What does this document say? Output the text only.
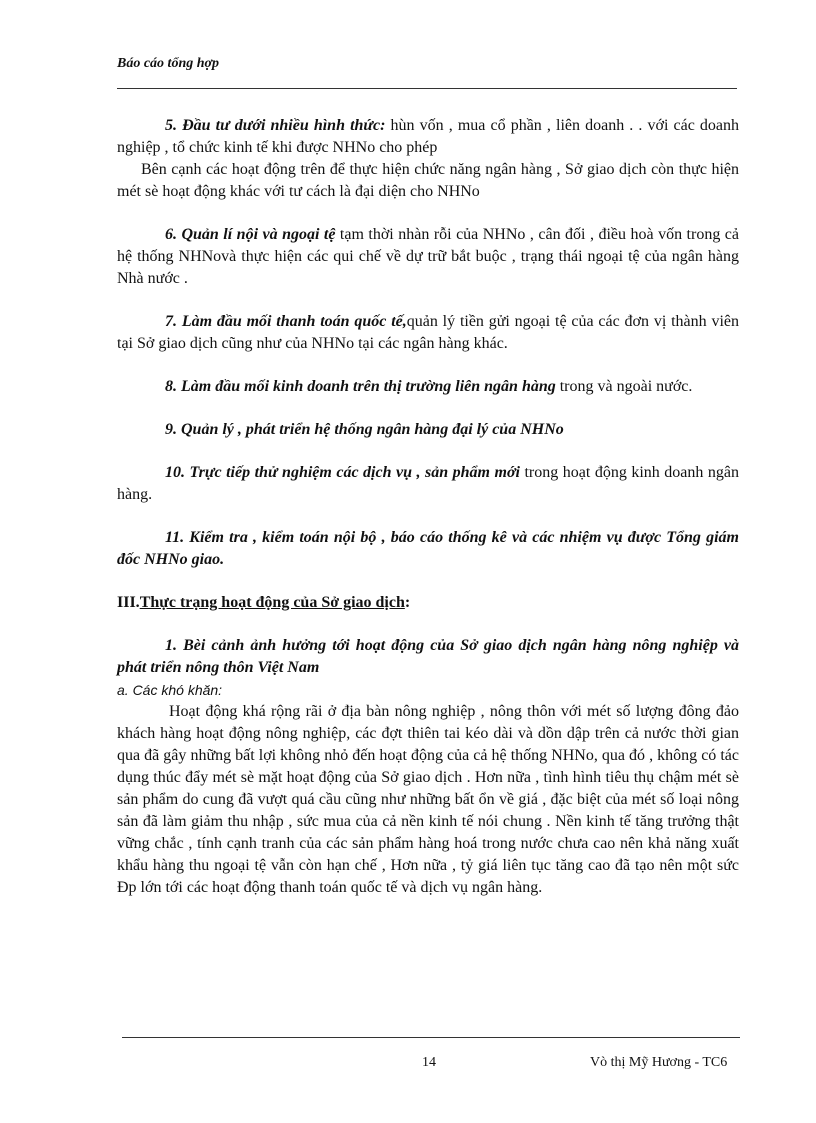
Báo cáo tổng hợp

5. Đầu tư dưới nhiều hình thức: hùn vốn , mua cổ phần , liên doanh . . với các doanh nghiệp , tổ chức kinh tế khi được NHNo cho phép

Bên cạnh các hoạt động trên để thực hiện chức năng ngân hàng , Sở giao dịch còn thực hiện mét sè hoạt động khác với tư cách là đại diện cho NHNo

6. Quản lí nội và ngoại tệ tạm thời nhàn rỗi của NHNo , cân đối , điều hoà vốn trong cả hệ thống NHNovà thực hiện các qui chế về dự trữ bắt buộc , trạng thái ngoại tệ của ngân hàng Nhà nước .

7. Làm đầu mối thanh toán quốc tế,quản lý tiền gửi ngoại tệ của các đơn vị thành viên tại Sở giao dịch cũng như của NHNo tại các ngân hàng khác.

8. Làm đầu mối kinh doanh trên thị trường liên ngân hàng trong và ngoài nước.

9. Quản lý , phát triển hệ thống ngân hàng đại lý của NHNo

10. Trực tiếp thử nghiệm các dịch vụ , sản phẩm mới trong hoạt động kinh doanh ngân hàng.

11. Kiểm tra , kiểm toán nội bộ , báo cáo thống kê và các nhiệm vụ được Tổng giám đốc NHNo giao.

III.Thực trạng hoạt động của Sở giao dịch:

1. Bèi cảnh ảnh hưởng tới hoạt động của Sở giao dịch ngân hàng nông nghiệp và phát triển nông thôn Việt Nam

a. Các khó khăn:

Hoạt động khá rộng rãi ở địa bàn nông nghiệp , nông thôn với mét số lượng đông đảo khách hàng hoạt động nông nghiệp, các đợt thiên tai kéo dài và dồn dập trên cả nước thời gian qua đã gây những bất lợi không nhỏ đến hoạt động của cả hệ thống NHNo, qua đó , không có tác dụng thúc đẩy mét sè mặt hoạt động của Sở giao dịch . Hơn nữa , tình hình tiêu thụ chậm mét sè sản phẩm do cung đã vượt quá cầu cũng như những bất ổn về giá , đặc biệt của mét số loại nông sản đã làm giảm thu nhập , sức mua của cả nền kinh tế nói chung . Nền kinh tế tăng trưởng thật vững chắc , tính cạnh tranh của các sản phẩm hàng hoá trong nước chưa cao nên khả năng xuất khẩu hàng thu ngoại tệ vẫn còn hạn chế , Hơn nữa , tỷ giá liên tục tăng cao đã tạo nên một sức Ðp lớn tới các hoạt động thanh toán quốc tế và dịch vụ ngân hàng.

14	Vò thị Mỹ Hương - TC6
